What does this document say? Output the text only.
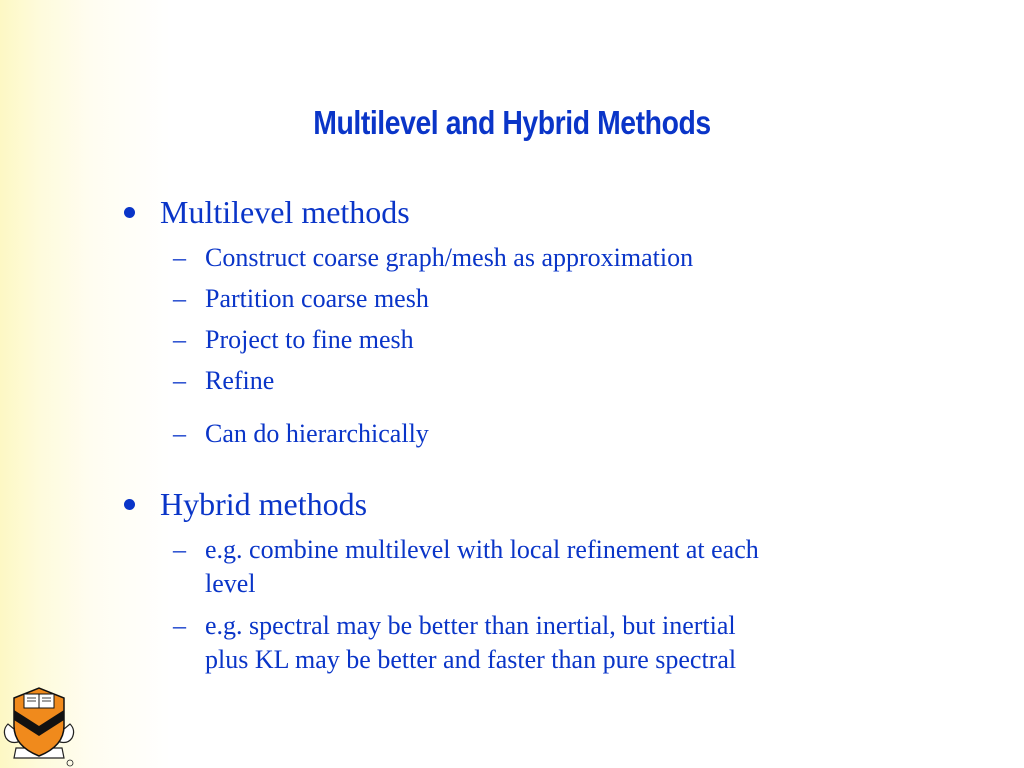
Multilevel and Hybrid Methods
Multilevel methods
– Construct coarse graph/mesh as approximation
– Partition coarse mesh
– Project to fine mesh
– Refine
– Can do hierarchically
Hybrid methods
– e.g. combine multilevel with local refinement at each
level
– e.g. spectral may be better than inertial, but inertial
plus KL may be better and faster than pure spectral
